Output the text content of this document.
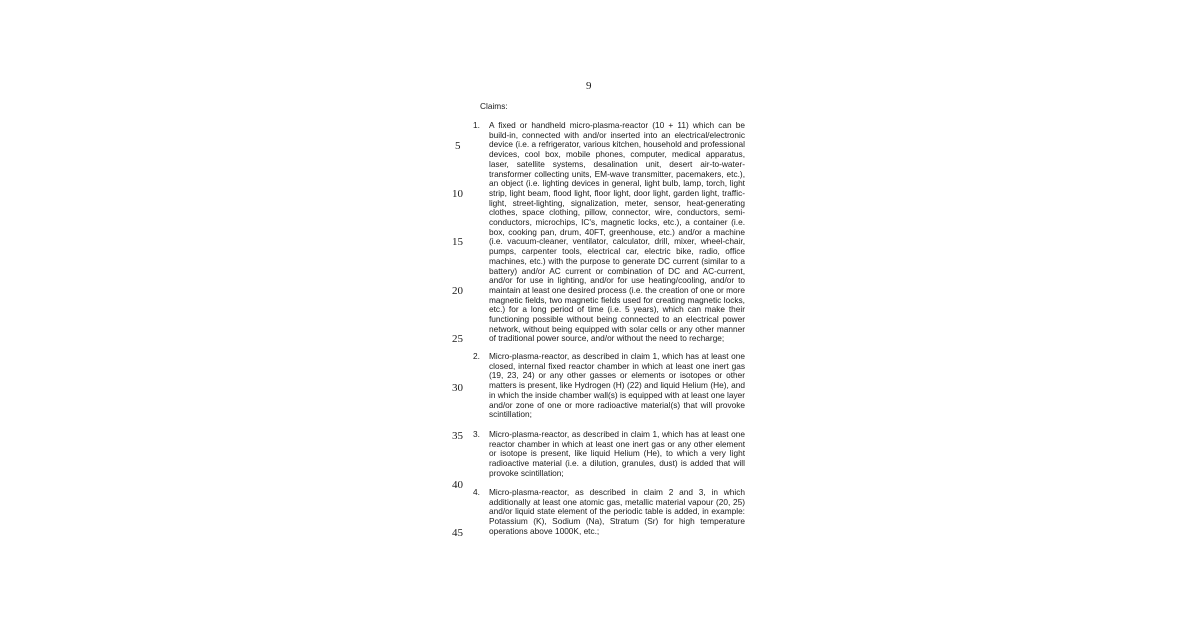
9
Claims:
1. A fixed or handheld micro-plasma-reactor (10 + 11) which can be build-in, connected with and/or inserted into an electrical/electronic device (i.e. a refrigerator, various kitchen, household and professional devices, cool box, mobile phones, computer, medical apparatus, laser, satellite systems, desalination unit, desert air-to-water-transformer collecting units, EM-wave transmitter, pacemakers, etc.), an object (i.e. lighting devices in general, light bulb, lamp, torch, light strip, light beam, flood light, floor light, door light, garden light, traffic-light, street-lighting, signalization, meter, sensor, heat-generating clothes, space clothing, pillow, connector, wire, conductors, semi-conductors, microchips, IC's, magnetic locks, etc.), a container (i.e. box, cooking pan, drum, 40FT, greenhouse, etc.) and/or a machine (i.e. vacuum-cleaner, ventilator, calculator, drill, mixer, wheel-chair, pumps, carpenter tools, electrical car, electric bike, radio, office machines, etc.) with the purpose to generate DC current (similar to a battery) and/or AC current or combination of DC and AC-current, and/or for use in lighting, and/or for use heating/cooling, and/or to maintain at least one desired process (i.e. the creation of one or more magnetic fields, two magnetic fields used for creating magnetic locks, etc.) for a long period of time (i.e. 5 years), which can make their functioning possible without being connected to an electrical power network, without being equipped with solar cells or any other manner of traditional power source, and/or without the need to recharge;
2. Micro-plasma-reactor, as described in claim 1, which has at least one closed, internal fixed reactor chamber in which at least one inert gas (19, 23, 24) or any other gasses or elements or isotopes or other matters is present, like Hydrogen (H) (22) and liquid Helium (He), and in which the inside chamber wall(s) is equipped with at least one layer and/or zone of one or more radioactive material(s) that will provoke scintillation;
3. Micro-plasma-reactor, as described in claim 1, which has at least one reactor chamber in which at least one inert gas or any other element or isotope is present, like liquid Helium (He), to which a very light radioactive material (i.e. a dilution, granules, dust) is added that will provoke scintillation;
4. Micro-plasma-reactor, as described in claim 2 and 3, in which additionally at least one atomic gas, metallic material vapour (20, 25) and/or liquid state element of the periodic table is added, in example: Potassium (K), Sodium (Na), Stratum (Sr) for high temperature operations above 1000K, etc.;
5
10
15
20
25
30
35
40
45
